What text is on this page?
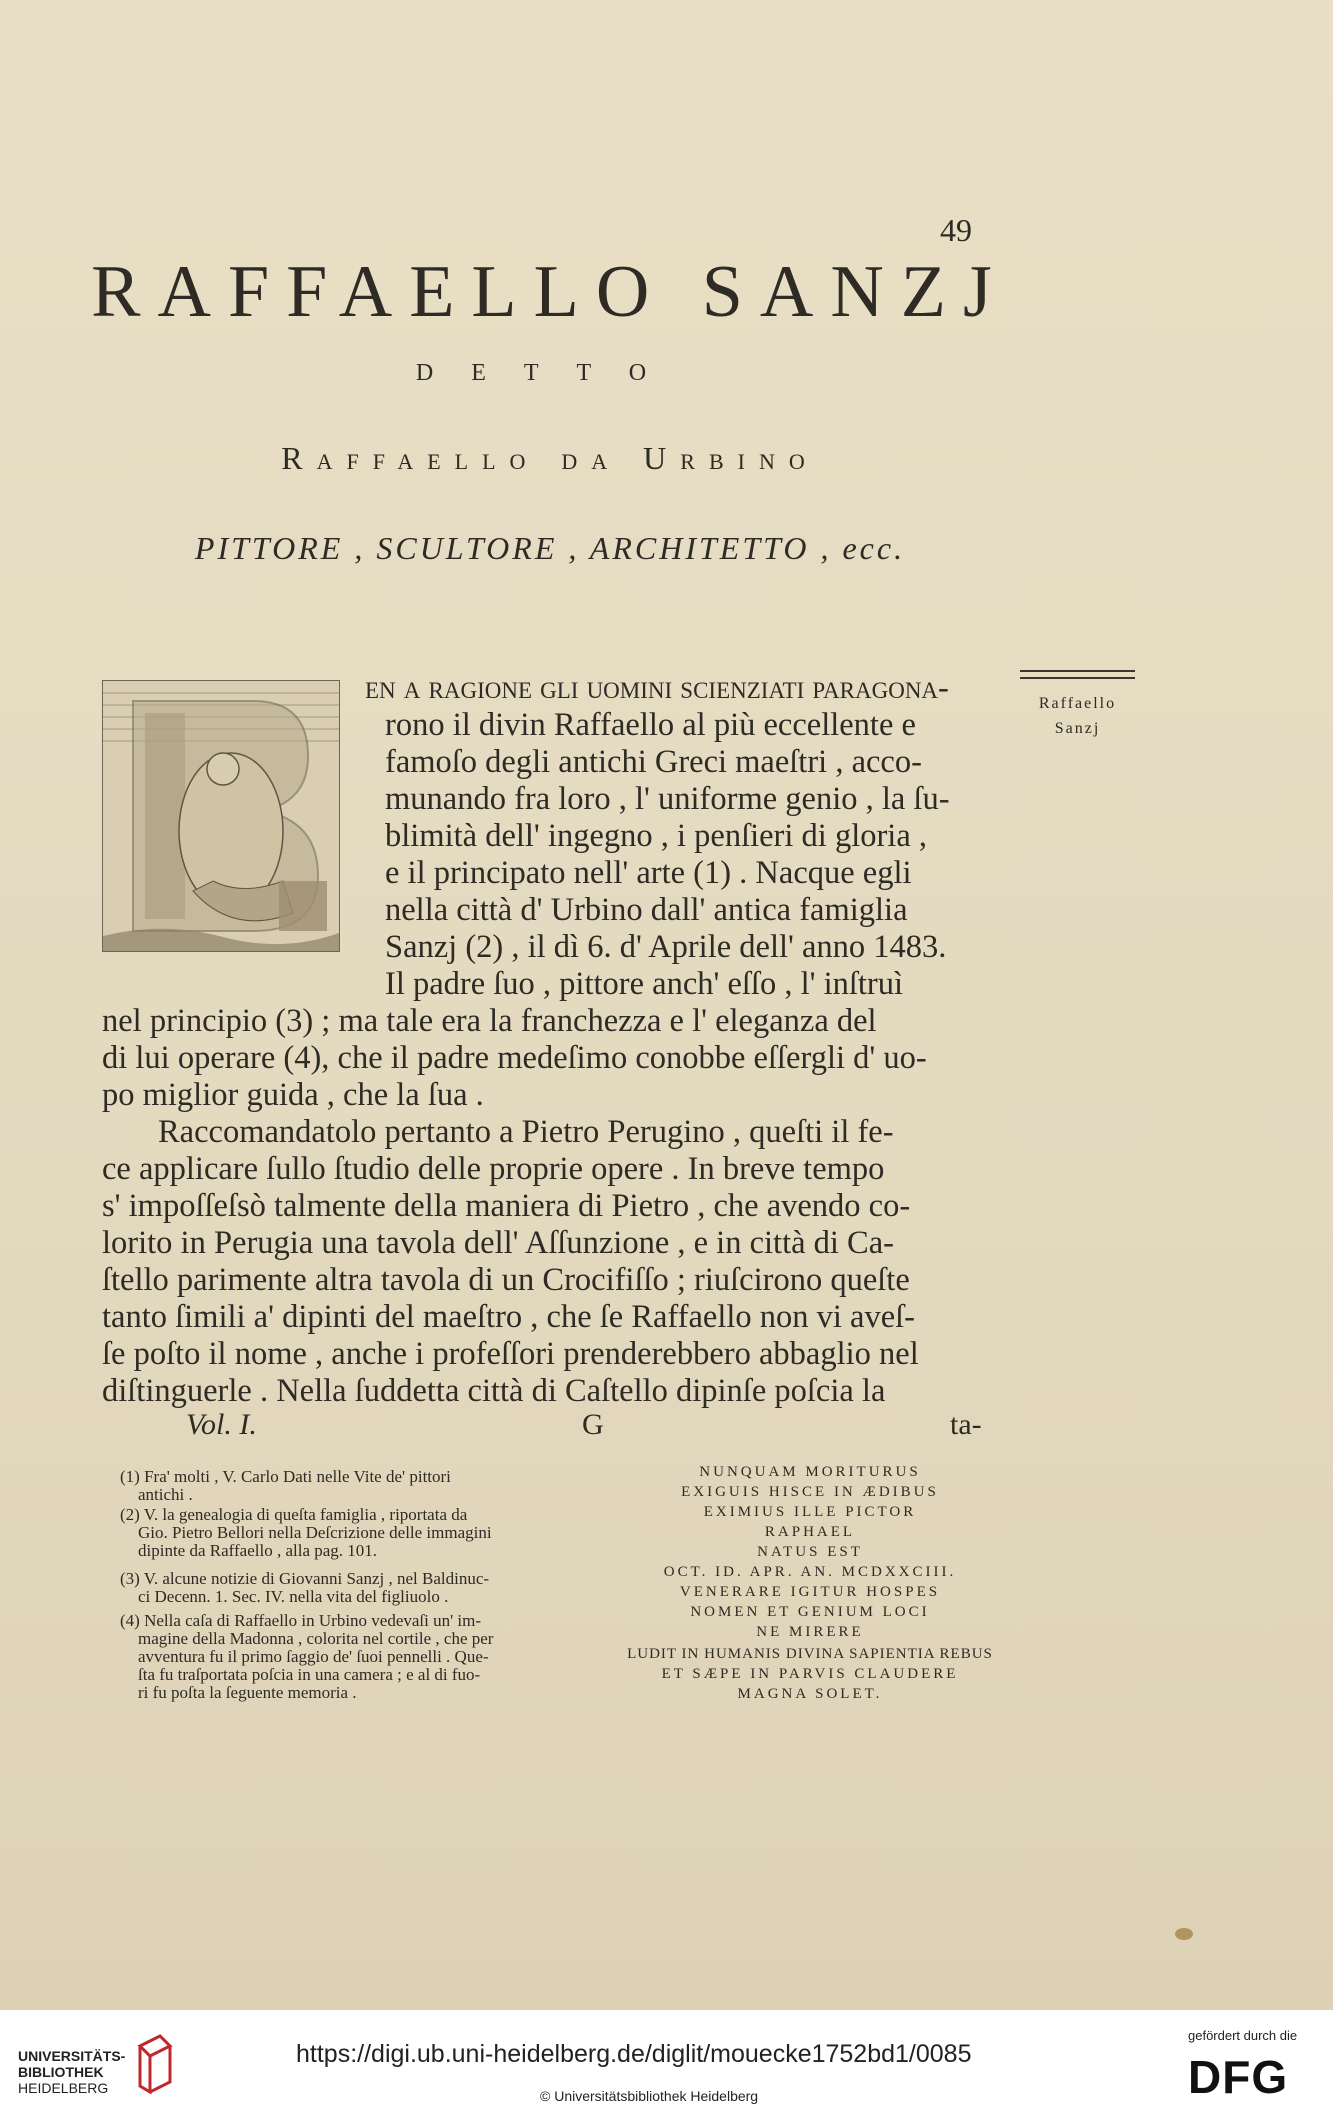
49
RAFFAELLO SANZJ
DETTO
Raffaello da Urbino
PITTORE , SCULTORE , ARCHITETTO , ecc.
Raffaello
Sanzj
en a ragione gli uomini ſcienziati paragona-
rono il divin Raffaello al più eccellente e
famoſo degli antichi Greci maeſtri , acco-
munando fra loro , l' uniforme genio , la ſu-
blimità dell' ingegno , i penſieri di gloria ,
e il principato nell' arte (1) . Nacque egli
nella città d' Urbino dall' antica famiglia
Sanzj (2) , il dì 6. d' Aprile dell' anno 1483.
Il padre ſuo , pittore anch' eſſo , l' inſtruì
nel principio (3) ; ma tale era la franchezza e l' eleganza del
di lui operare (4), che il padre medeſimo conobbe eſſergli d' uo-
po miglior guida , che la ſua .
Raccomandatolo pertanto a Pietro Perugino , queſti il fe-
ce applicare ſullo ſtudio delle proprie opere . In breve tempo
s' impoſſeſsò talmente della maniera di Pietro , che avendo co-
lorito in Perugia una tavola dell' Aſſunzione , e in città di Ca-
ſtello parimente altra tavola di un Crocifiſſo ; riuſcirono queſte
tanto ſimili a' dipinti del maeſtro , che ſe Raffaello non vi aveſ-
ſe poſto il nome , anche i profeſſori prenderebbero abbaglio nel
diſtinguerle . Nella ſuddetta città di Caſtello dipinſe poſcia la
Vol. I.	G	ta-
(1) Fra' molti , V. Carlo Dati nelle Vite de' pittori
antichi .
(2) V. la genealogia di queſta famiglia , riportata da
Gio. Pietro Bellori nella Deſcrizione delle immagini
dipinte da Raffaello , alla pag. 101.
(3) V. alcune notizie di Giovanni Sanzj , nel Baldinuc-
ci Decenn. 1. Sec. IV. nella vita del figliuolo .
(4) Nella caſa di Raffaello in Urbino vedevaſi un' im-
magine della Madonna , colorita nel cortile , che per
avventura fu il primo ſaggio de' ſuoi pennelli . Que-
ſta fu traſportata poſcia in una camera ; e al di fuo-
ri fu poſta la ſeguente memoria .
NUNQUAM MORITURUS
EXIGUIS HISCE IN ÆDIBUS
EXIMIUS ILLE PICTOR
RAPHAEL
NATUS EST
OCT. ID. APR. AN. MCDXXCIII.
VENERARE IGITUR HOSPES
NOMEN ET GENIUM LOCI
NE MIRERE
LUDIT IN HUMANIS DIVINA SAPIENTIA REBUS
ET SÆPE IN PARVIS CLAUDERE
MAGNA SOLET.
UNIVERSITÄTS-
BIBLIOTHEK
HEIDELBERG
https://digi.ub.uni-heidelberg.de/diglit/mouecke1752bd1/0085
© Universitätsbibliothek Heidelberg
gefördert durch die
DFG
